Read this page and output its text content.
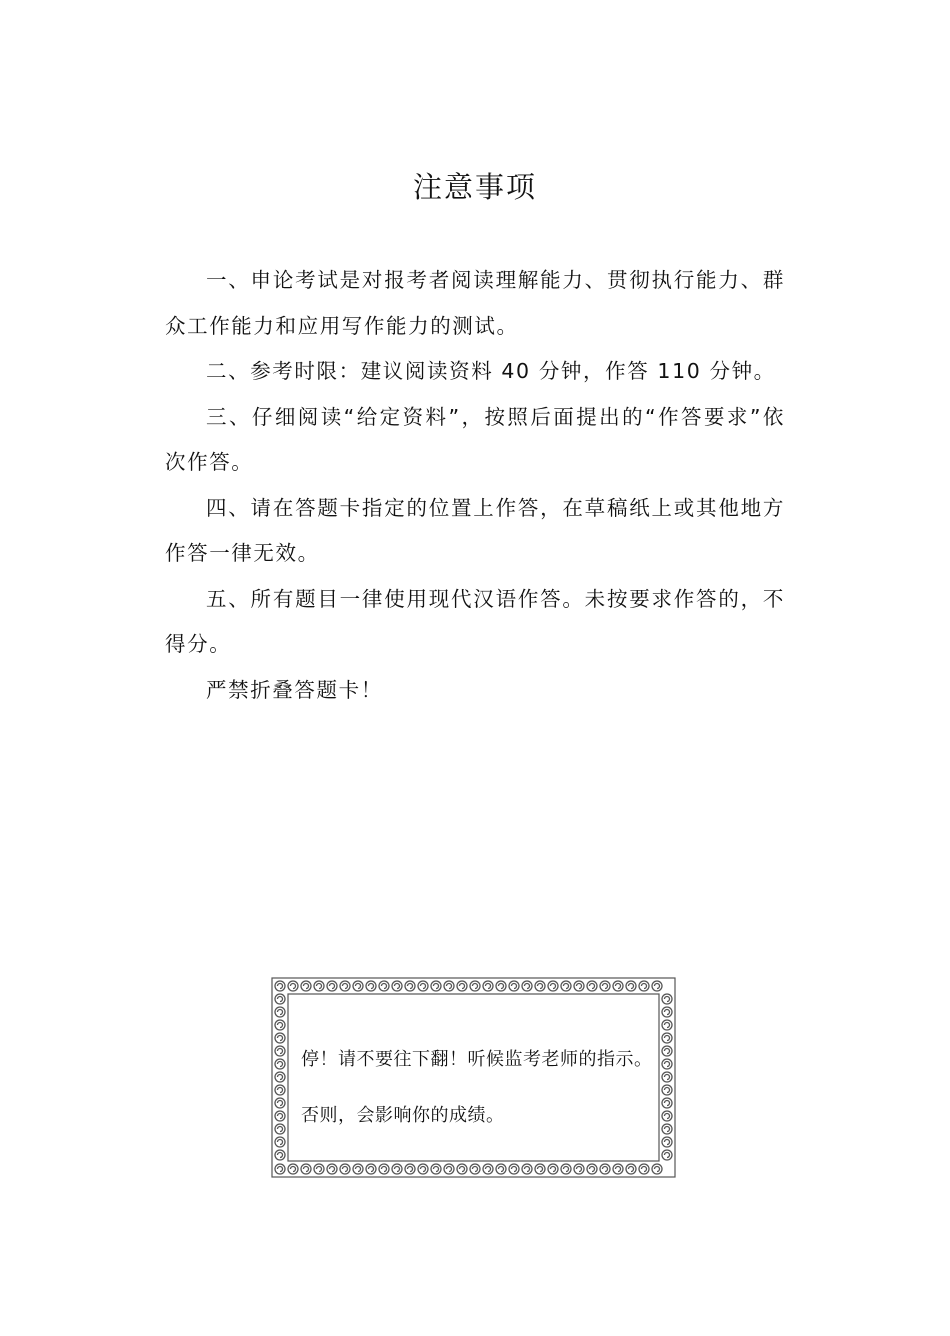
注意事项

一、申论考试是对报考者阅读理解能力、贯彻执行能力、群众工作能力和应用写作能力的测试。

二、参考时限：建议阅读资料 40 分钟，作答 110 分钟。

三、仔细阅读“给定资料”，按照后面提出的“作答要求”依次作答。

四、请在答题卡指定的位置上作答，在草稿纸上或其他地方作答一律无效。

五、所有题目一律使用现代汉语作答。未按要求作答的，不得分。

严禁折叠答题卡！

停！请不要往下翻！听候监考老师的指示。
否则，会影响你的成绩。
